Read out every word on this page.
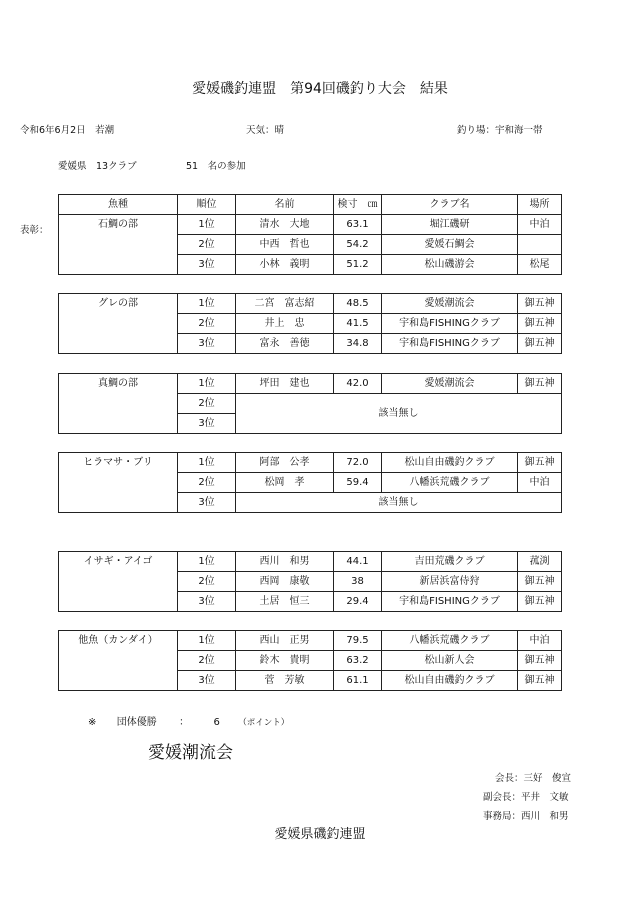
愛媛磯釣連盟　第94回磯釣り大会　結果
令和6年6月2日　若潮	天気：晴	釣り場：宇和海一帯
愛媛県　13クラブ	51　名の参加
表彰：
魚種	順位	名前	検寸　㎝	クラブ名	場所
石鯛の部	1位	清水　大地	63.1	堀江磯研	中泊
	2位	中西　哲也	54.2	愛媛石鯛会	
	3位	小林　義明	51.2	松山磯游会	松尾
グレの部	1位	二宮　富志紹	48.5	愛媛潮流会	御五神
	2位	井上　忠	41.5	宇和島FISHINGクラブ	御五神
	3位	富永　善徳	34.8	宇和島FISHINGクラブ	御五神
真鯛の部	1位	坪田　建也	42.0	愛媛潮流会	御五神
	2位	該当無し			
	3位				
ヒラマサ・ブリ	1位	阿部　公孝	72.0	松山自由磯釣クラブ	御五神
	2位	松岡　孝	59.4	八幡浜荒磯クラブ	中泊
	3位	該当無し			
イサギ・アイゴ	1位	西川　和男	44.1	吉田荒磯クラブ	菰渕
	2位	西岡　康敬	38	新居浜富侍狩	御五神
	3位	土居　恒三	29.4	宇和島FISHINGクラブ	御五神
他魚（カンダイ）	1位	西山　正男	79.5	八幡浜荒磯クラブ	中泊
	2位	鈴木　貴明	63.2	松山新人会	御五神
	3位	菅　芳敏	61.1	松山自由磯釣クラブ	御五神
※ 団体優勝 ： 6 （ポイント）
愛媛潮流会
会長：三好　俊宣
副会長：平井　文敏
事務局：西川　和男
愛媛県磯釣連盟
